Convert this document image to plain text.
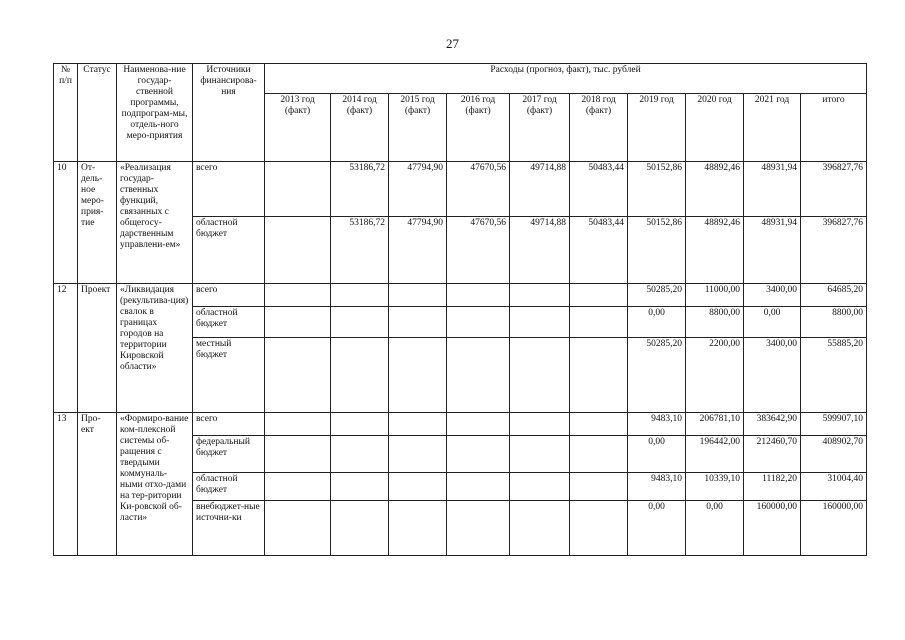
27
№ п/п	Статус	Наименова-ние государ-ственной программы, подпрограм-мы, отдель-ного меро-приятия	Источники финансирова-ния	Расходы (прогноз, факт), тыс. рублей									
				2013 год (факт)	2014 год (факт)	2015 год (факт)	2016 год (факт)	2017 год (факт)	2018 год (факт)	2019 год	2020 год	2021 год	итого
10	От-дель-ное меро-прия-тие	«Реализация государ-ственных функций, связанных с общегосу-дарственным управлени-ем»	всего		53186,72	47794,90	47670,56	49714,88	50483,44	50152,86	48892,46	48931,94	396827,76
			областной бюджет		53186,72	47794,90	47670,56	49714,88	50483,44	50152,86	48892,46	48931,94	396827,76
12	Проект	«Ликвидация (рекультива-ция) свалок в границах городов на территории Кировской области»	всего							50285,20	11000,00	3400,00	64685,20
			областной бюджет							0,00	8800,00	0,00	8800,00
			местный бюджет							50285,20	2200,00	3400,00	55885,20
13	Про-ект	«Формиро-вание ком-плексной системы об-ращения с твердыми коммуналь-ными отхо-дами на тер-ритории Ки-ровской об-ласти»	всего							9483,10	206781,10	383642,90	599907,10
			федеральный бюджет							0,00	196442,00	212460,70	408902,70
			областной бюджет							9483,10	10339,10	11182,20	31004,40
			внебюджет-ные источни-ки							0,00	0,00	160000,00	160000,00
